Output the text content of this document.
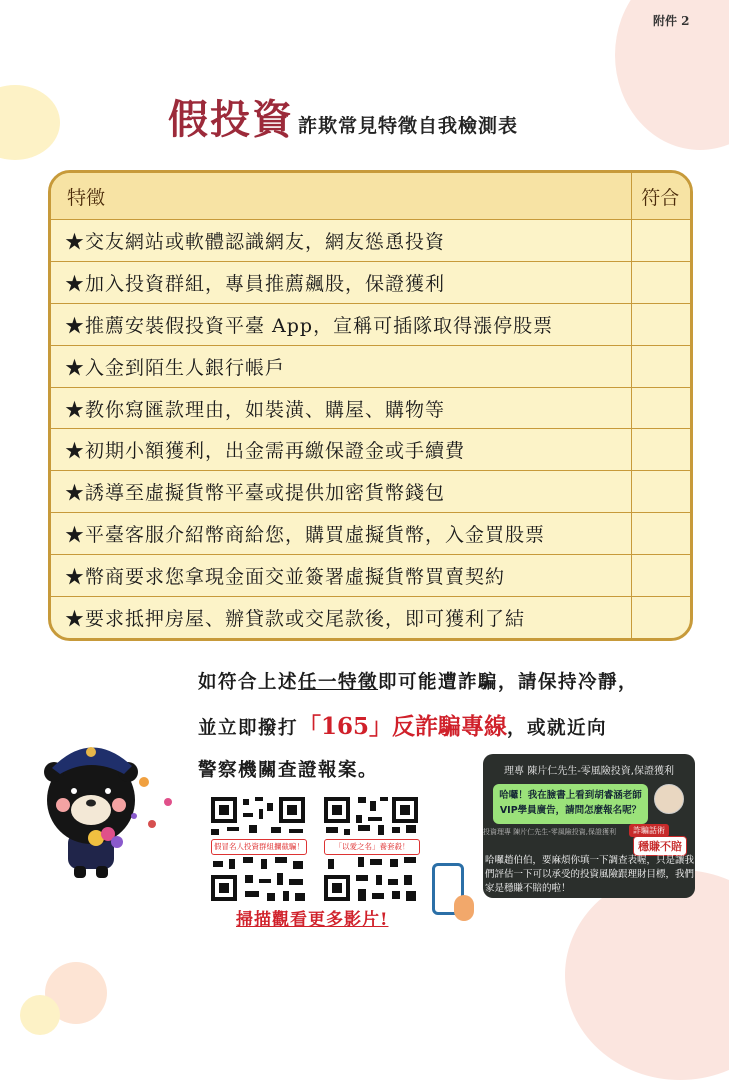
附件 2
假投資 詐欺常見特徵自我檢測表
特徵	符合
★交友網站或軟體認識網友，網友慫恿投資	
★加入投資群組，專員推薦飆股，保證獲利	
★推薦安裝假投資平臺 App，宣稱可插隊取得漲停股票	
★入金到陌生人銀行帳戶	
★教你寫匯款理由，如裝潢、購屋、購物等	
★初期小額獲利，出金需再繳保證金或手續費	
★誘導至虛擬貨幣平臺或提供加密貨幣錢包	
★平臺客服介紹幣商給您，購買虛擬貨幣，入金買股票	
★幣商要求您拿現金面交並簽署虛擬貨幣買賣契約	
★要求抵押房屋、辦貸款或交尾款後，即可獲利了結	
如符合上述任一特徵即可能遭詐騙，請保持冷靜，
並立即撥打「165」反詐騙專線，或就近向
警察機關查證報案。
假冒名人投資群組攔截騙！	「以愛之名」養套殺！
掃描觀看更多影片!
理專 陳片仁先生-零風險投資,保證獲利
哈囉！我在臉書上看到胡睿涵老師
VIP學員廣告，請問怎麼報名呢？
投資理專 陳片仁先生-零風險投資,保證獲利	詐騙話術
穩賺不賠
哈囉趙伯伯，要麻煩你填一下調查表喔，只是讓我們評估一下可以承受的投資風險跟理財目標，我們家是穩賺不賠的啦！
